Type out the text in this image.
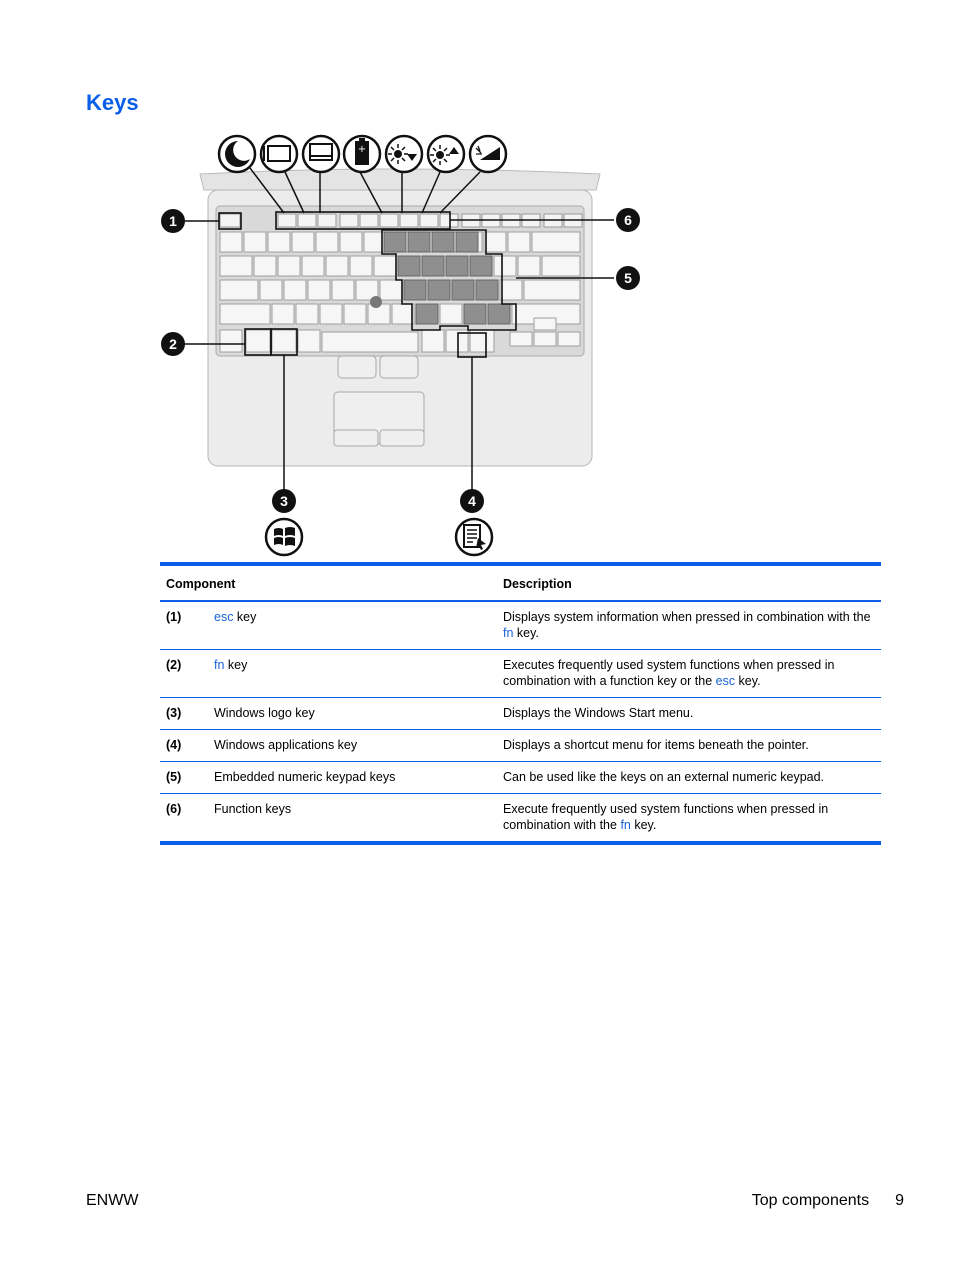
Keys
+
1	6
5
2
3	4
Component		Description
(1)	esc key	Displays system information when pressed in combination with the fn key.
(2)	fn key	Executes frequently used system functions when pressed in combination with a function key or the esc key.
(3)	Windows logo key	Displays the Windows Start menu.
(4)	Windows applications key	Displays a shortcut menu for items beneath the pointer.
(5)	Embedded numeric keypad keys	Can be used like the keys on an external numeric keypad.
(6)	Function keys	Execute frequently used system functions when pressed in combination with the fn key.
ENWW	Top components 9
